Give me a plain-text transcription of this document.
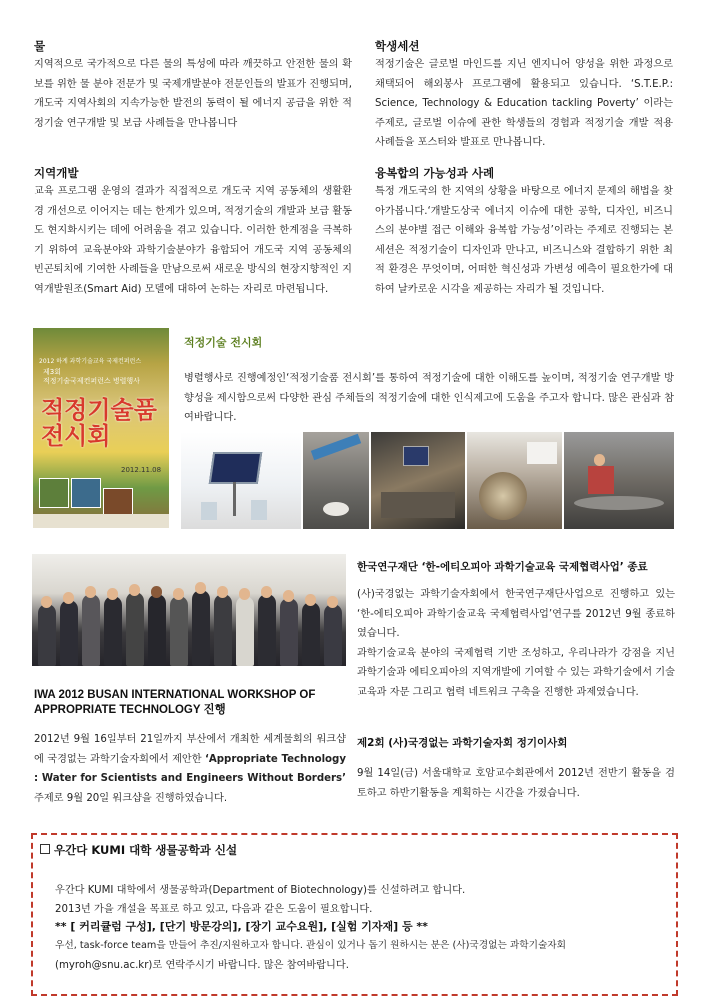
물

지역적으로 국가적으로 다른 물의 특성에 따라 깨끗하고 안전한 물의 확보를 위한 물 분야 전문가 및 국제개발분야 전문인들의 발표가 진행되며, 개도국 지역사회의 지속가능한 발전의 동력이 될 에너지 공급을 위한 적정기술 연구개발 및 보급 사례들을 만나봅니다

지역개발

교육 프로그램 운영의 결과가 직접적으로 개도국 지역 공동체의 생활환경 개선으로 이어지는 데는 한계가 있으며, 적정기술의 개발과 보급 활동도 현지화시키는 데에 어려움을 겪고 있습니다. 이러한 한계점을 극복하기 위하여 교육분야와 과학기술분야가 융합되어 개도국 지역 공동체의 빈곤퇴치에 기여한 사례들을 만남으로써 새로운 방식의 현장지향적인 지역개발원조(Smart Aid) 모델에 대하여 논하는 자리로 마련됩니다.

학생세션

적정기술은 글로벌 마인드를 지닌 엔지니어 양성을 위한 과정으로 채택되어 해외봉사 프로그램에 활용되고 있습니다. ‘S.T.E.P.: Science, Technology & Education tackling Poverty’ 이라는 주제로, 글로벌 이슈에 관한 학생들의 경험과 적정기술 개발 적용 사례들을 포스터와 발표로 만나봅니다.

융복합의 가능성과 사례

특정 개도국의 한 지역의 상황을 바탕으로 에너지 문제의 해법을 찾아가봅니다.‘개발도상국 에너지 이슈에 대한 공학, 디자인, 비즈니스의 분야별 접근 이해와 융복합 가능성’이라는 주제로 진행되는 본 세션은 적정기술이 디자인과 만나고, 비즈니스와 결합하기 위한 최적 환경은 무엇이며, 어떠한 혁신성과 가변성 예측이 필요한가에 대하여 날카로운 시각을 제공하는 자리가 될 것입니다.

2012 하계 과학기술교육 국제컨퍼런스
제3회
적정기술국제컨퍼런스 병렬행사
적정기술품
전시회
2012.11.08
적정기술 전시회

병렬행사로 진행예정인‘적정기술품 전시회’를 통하여 적정기술에 대한 이해도를 높이며, 적정기술 연구개발 방향성을 제시함으로써 다양한 관심 주체들의 적정기술에 대한 인식제고에 도움을 주고자 합니다. 많은 관심과 참여바랍니다.

IWA 2012 BUSAN INTERNATIONAL WORKSHOP OF APPROPRIATE TECHNOLOGY 진행

2012년 9월 16일부터 21일까지 부산에서 개최한 세계물회의 워크샵에 국경없는 과학기술자회에서 제안한 ‘Appropriate Technology : Water for Scientists and Engineers Without Borders’ 주제로 9월 20일 워크샵을 진행하였습니다.

한국연구재단 ‘한-에티오피아 과학기술교육 국제협력사업’ 종료

(사)국경없는 과학기술자회에서 한국연구재단사업으로 진행하고 있는 ‘한-에티오피아 과학기술교육 국제협력사업’연구를 2012년 9월 종료하였습니다.

과학기술교육 분야의 국제협력 기반 조성하고, 우리나라가 강점을 지닌 과학기술과 에티오피아의 지역개발에 기여할 수 있는 과학기술에서 기술교육과 자문 그리고 협력 네트워크 구축을 진행한 과제였습니다.

제2회 (사)국경없는 과학기술자회 정기이사회

9월 14일(금) 서울대학교 호암교수회관에서 2012년 전반기 활동을 검토하고 하반기활동을 계획하는 시간을 가졌습니다.

우간다 KUMI 대학 생물공학과 신설
우간다 KUMI 대학에서 생물공학과(Department of Biotechnology)를 신설하려고 합니다.
2013년 가을 개설을 목표로 하고 있고, 다음과 같은 도움이 필요합니다.
** [ 커리큘럼 구성], [단기 방문강의], [장기 교수요원], [실험 기자재] 등 **
우선, task-force team을 만들어 추진/지원하고자 합니다. 관심이 있거나 돕기 원하시는 분은 (사)국경없는 과학기술자회
(myroh@snu.ac.kr)로 연락주시기 바랍니다. 많은 참여바랍니다.
